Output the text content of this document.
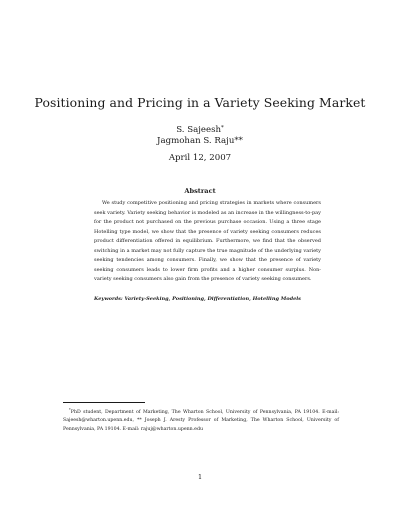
Positioning and Pricing in a Variety Seeking Market
S. Sajeesh*
Jagmohan S. Raju**
April 12, 2007
Abstract
We study competitive positioning and pricing strategies in markets where consumers seek variety. Variety seeking behavior is modeled as an increase in the willingness-to-pay for the product not purchased on the previous purchase occasion. Using a three stage Hotelling type model, we show that the presence of variety seeking consumers reduces product differentiation offered in equilibrium. Furthermore, we find that the observed switching in a market may not fully capture the true magnitude of the underlying variety seeking tendencies among consumers. Finally, we show that the presence of variety seeking consumers leads to lower firm profits and a higher consumer surplus. Non-variety seeking consumers also gain from the presence of variety seeking consumers.
Keywords: Variety-Seeking, Positioning, Differentiation, Hotelling Models
*PhD student, Department of Marketing, The Wharton School, University of Pennsylvania, PA 19104. E-mail: Sajeesh@wharton.upenn.edu, ** Joseph J. Aresty Professor of Marketing, The Wharton School, University of Pennsylvania, PA 19104. E-mail: rajuj@wharton.upenn.edu
1
